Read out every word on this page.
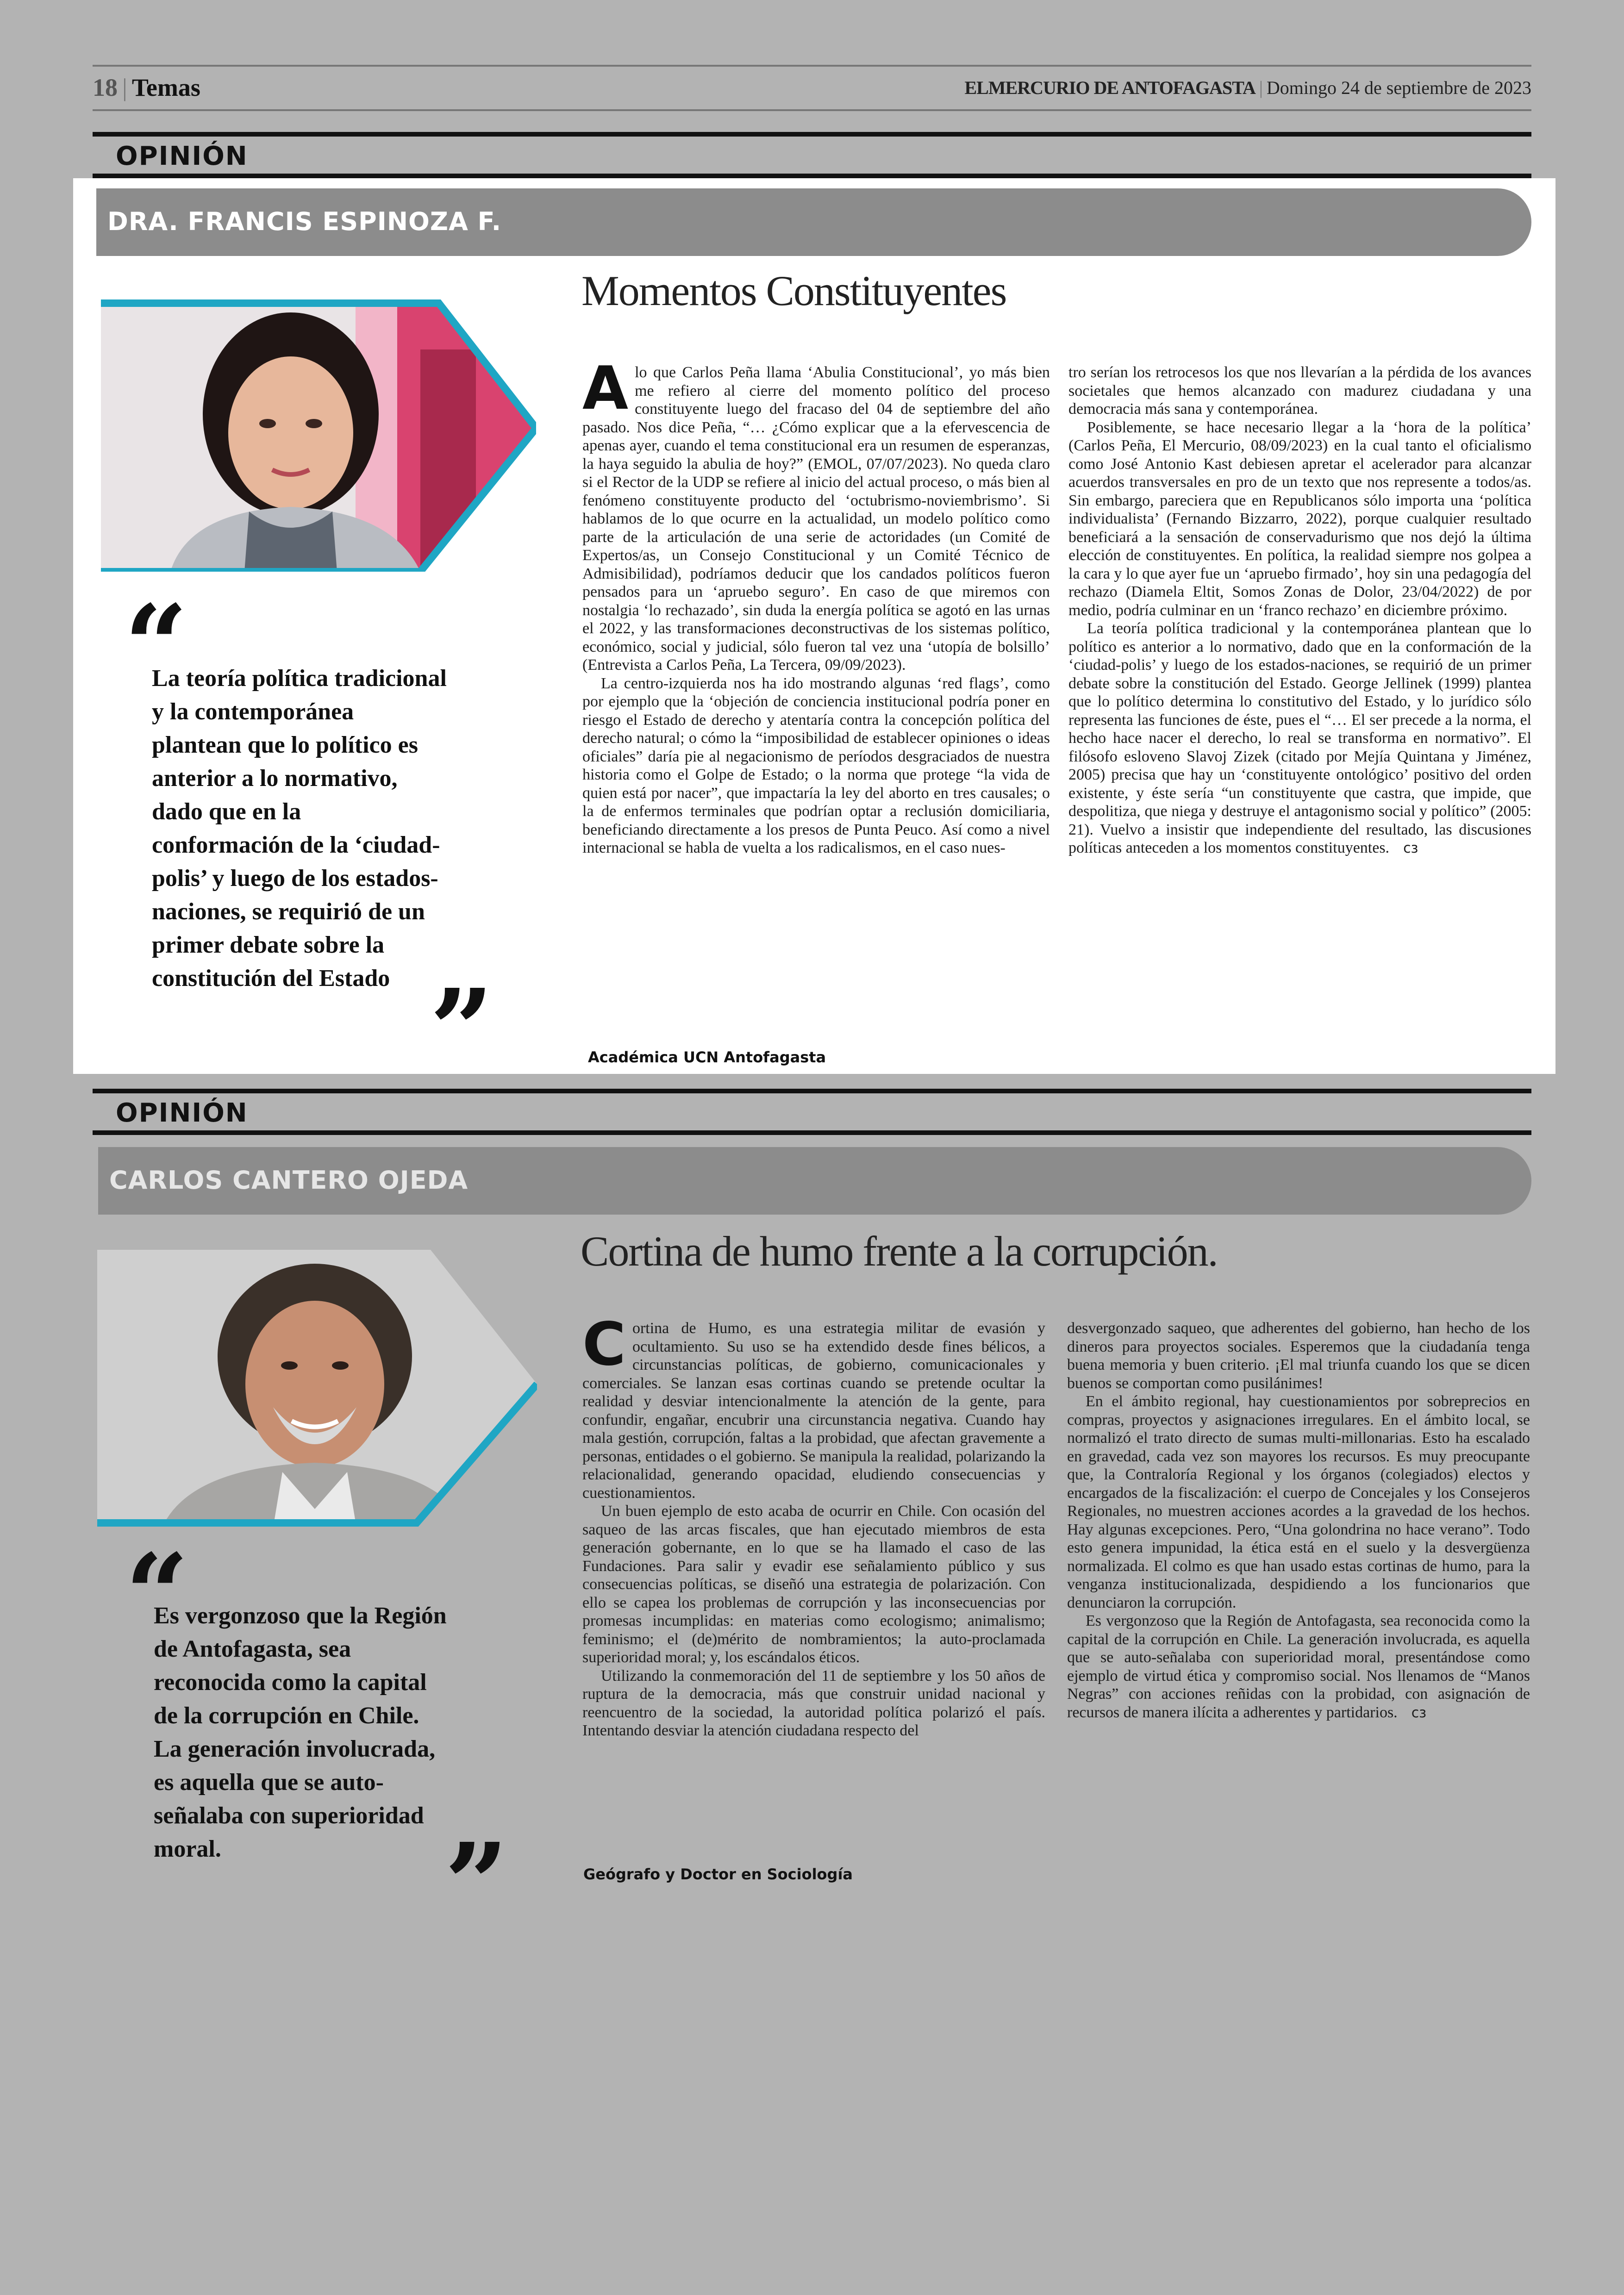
18 | Temas	ELMERCURIO DE ANTOFAGASTA | Domingo 24 de septiembre de 2023
OPINIÓN
DRA. FRANCIS ESPINOZA F.
“
La teoría política tradicional y la contemporánea plantean que lo político es anterior a lo normativo, dado que en la conformación de la ‘ciudad-polis’ y luego de los estados-naciones, se requirió de un primer debate sobre la constitución del Estado ”
Momentos Constituyentes

Alo que Carlos Peña llama ‘Abulia Constitucional’, yo más bien me refiero al cierre del momento político del proceso constituyente luego del fracaso del 04 de septiembre del año pasado. Nos dice Peña, “… ¿Cómo explicar que a la efervescencia de apenas ayer, cuando el tema constitucional era un resumen de esperanzas, la haya seguido la abulia de hoy?” (EMOL, 07/07/2023). No queda claro si el Rector de la UDP se refiere al inicio del actual proceso, o más bien al fenómeno constituyente producto del ‘octubrismo-noviembrismo’. Si hablamos de lo que ocurre en la actualidad, un modelo político como parte de la articulación de una serie de actoridades (un Comité de Expertos/as, un Consejo Constitucional y un Comité Técnico de Admisibilidad), podríamos deducir que los candados políticos fueron pensados para un ‘apruebo seguro’. En caso de que miremos con nostalgia ‘lo rechazado’, sin duda la energía política se agotó en las urnas el 2022, y las transformaciones deconstructivas de los sistemas político, económico, social y judicial, sólo fueron tal vez una ‘utopía de bolsillo’ (Entrevista a Carlos Peña, La Tercera, 09/09/2023).

La centro-izquierda nos ha ido mostrando algunas ‘red flags’, como por ejemplo que la ‘objeción de conciencia institucional podría poner en riesgo el Estado de derecho y atentaría contra la concepción política del derecho natural; o cómo la “imposibilidad de establecer opiniones o ideas oficiales” daría pie al negacionismo de períodos desgraciados de nuestra historia como el Golpe de Estado; o la norma que protege “la vida de quien está por nacer”, que impactaría la ley del aborto en tres causales; o la de enfermos terminales que podrían optar a reclusión domiciliaria, beneficiando directamente a los presos de Punta Peuco. Así como a nivel internacional se habla de vuelta a los radicalismos, en el caso nues-

tro serían los retrocesos los que nos llevarían a la pérdida de los avances societales que hemos alcanzado con madurez ciudadana y una democracia más sana y contemporánea.

Posiblemente, se hace necesario llegar a la ‘hora de la política’ (Carlos Peña, El Mercurio, 08/09/2023) en la cual tanto el oficialismo como José Antonio Kast debiesen apretar el acelerador para alcanzar acuerdos transversales en pro de un texto que nos represente a todos/as. Sin embargo, pareciera que en Republicanos sólo importa una ‘política individualista’ (Fernando Bizzarro, 2022), porque cualquier resultado beneficiará a la sensación de conservadurismo que nos dejó la última elección de constituyentes. En política, la realidad siempre nos golpea a la cara y lo que ayer fue un ‘apruebo firmado’, hoy sin una pedagogía del rechazo (Diamela Eltit, Somos Zonas de Dolor, 23/04/2022) de por medio, podría culminar en un ‘franco rechazo’ en diciembre próximo.

La teoría política tradicional y la contemporánea plantean que lo político es anterior a lo normativo, dado que en la conformación de la ‘ciudad-polis’ y luego de los estados-naciones, se requirió de un primer debate sobre la constitución del Estado. George Jellinek (1999) plantea que lo político determina lo constitutivo del Estado, y lo jurídico sólo representa las funciones de éste, pues el “… El ser precede a la norma, el hecho hace nacer el derecho, lo real se transforma en normativo”. El filósofo esloveno Slavoj Zizek (citado por Mejía Quintana y Jiménez, 2005) precisa que hay un ‘constituyente ontológico’ positivo del orden existente, y éste sería “un constituyente que castra, que impide, que despolitiza, que niega y destruye el antagonismo social y político” (2005: 21). Vuelvo a insistir que independiente del resultado, las discusiones políticas anteceden a los momentos constituyentes. cз

Académica UCN Antofagasta
OPINIÓN
CARLOS CANTERO OJEDA
“
Es vergonzoso que la Región de Antofagasta, sea reconocida como la capital de la corrupción en Chile. La generación involucrada, es aquella que se auto-señalaba con superioridad moral.	”
Cortina de humo frente a la corrupción.

Cortina de Humo, es una estrategia militar de evasión y ocultamiento. Su uso se ha extendido desde fines bélicos, a circunstancias políticas, de gobierno, comunicacionales y comerciales. Se lanzan esas cortinas cuando se pretende ocultar la realidad y desviar intencionalmente la atención de la gente, para confundir, engañar, encubrir una circunstancia negativa. Cuando hay mala gestión, corrupción, faltas a la probidad, que afectan gravemente a personas, entidades o el gobierno. Se manipula la realidad, polarizando la relacionalidad, generando opacidad, eludiendo consecuencias y cuestionamientos.

Un buen ejemplo de esto acaba de ocurrir en Chile. Con ocasión del saqueo de las arcas fiscales, que han ejecutado miembros de esta generación gobernante, en lo que se ha llamado el caso de las Fundaciones. Para salir y evadir ese señalamiento público y sus consecuencias políticas, se diseñó una estrategia de polarización. Con ello se capea los problemas de corrupción y las inconsecuencias por promesas incumplidas: en materias como ecologismo; animalismo; feminismo; el (de)mérito de nombramientos; la auto-proclamada superioridad moral; y, los escándalos éticos.

Utilizando la conmemoración del 11 de septiembre y los 50 años de ruptura de la democracia, más que construir unidad nacional y reencuentro de la sociedad, la autoridad política polarizó el país. Intentando desviar la atención ciudadana respecto del

desvergonzado saqueo, que adherentes del gobierno, han hecho de los dineros para proyectos sociales. Esperemos que la ciudadanía tenga buena memoria y buen criterio. ¡El mal triunfa cuando los que se dicen buenos se comportan como pusilánimes!

En el ámbito regional, hay cuestionamientos por sobreprecios en compras, proyectos y asignaciones irregulares. En el ámbito local, se normalizó el trato directo de sumas multi-millonarias. Esto ha escalado en gravedad, cada vez son mayores los recursos. Es muy preocupante que, la Contraloría Regional y los órganos (colegiados) electos y encargados de la fiscalización: el cuerpo de Concejales y los Consejeros Regionales, no muestren acciones acordes a la gravedad de los hechos. Hay algunas excepciones. Pero, “Una golondrina no hace verano”. Todo esto genera impunidad, la ética está en el suelo y la desvergüenza normalizada. El colmo es que han usado estas cortinas de humo, para la venganza institucionalizada, despidiendo a los funcionarios que denunciaron la corrupción.

Es vergonzoso que la Región de Antofagasta, sea reconocida como la capital de la corrupción en Chile. La generación involucrada, es aquella que se auto-señalaba con superioridad moral, presentándose como ejemplo de virtud ética y compromiso social. Nos llenamos de “Manos Negras” con acciones reñidas con la probidad, con asignación de recursos de manera ilícita a adherentes y partidarios. cз

Geógrafo y Doctor en Sociología
